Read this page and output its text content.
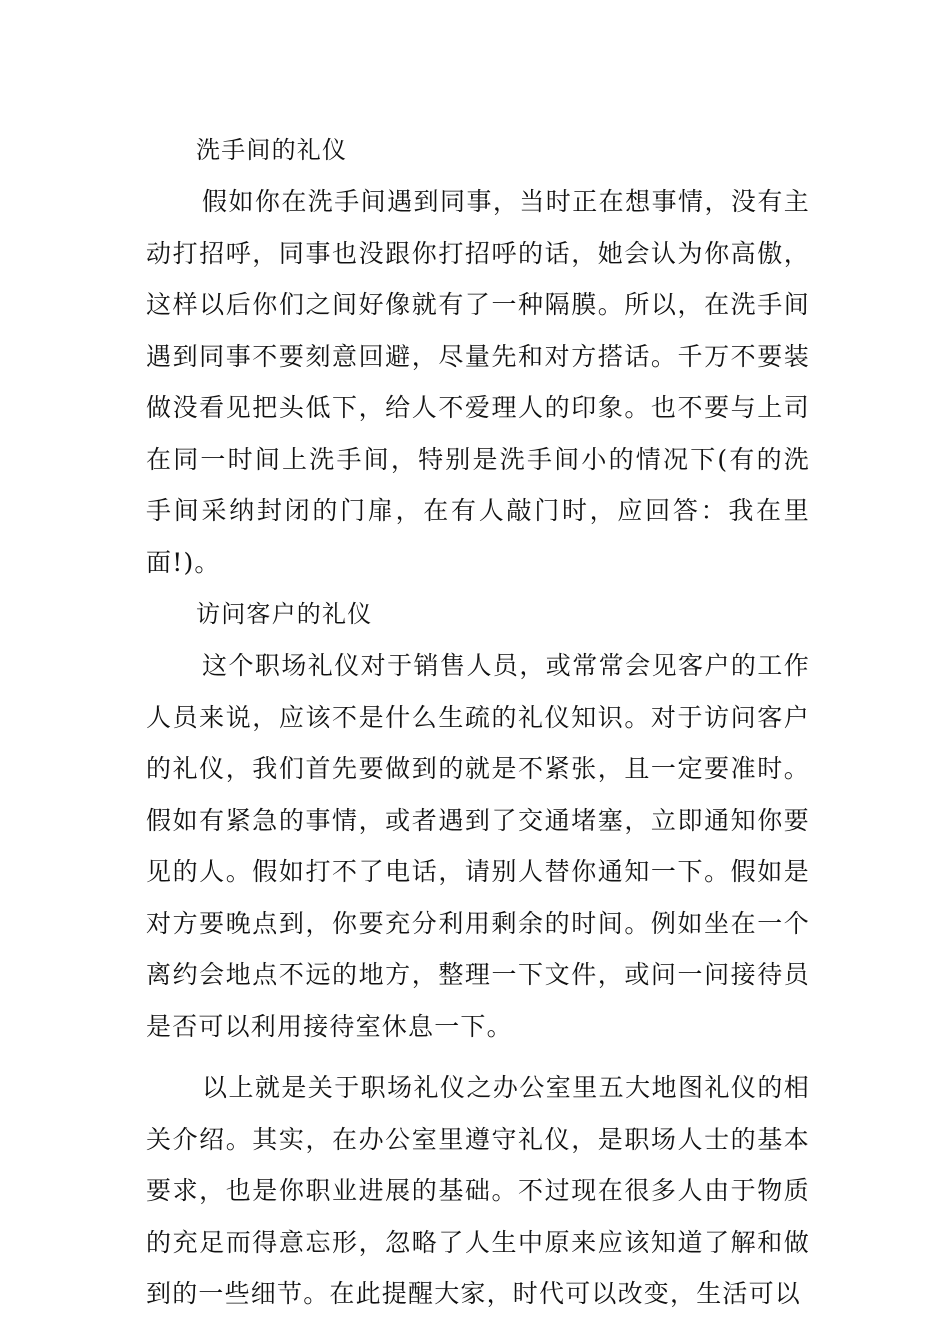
洗手间的礼仪

假如你在洗手间遇到同事，当时正在想事情，没有主动打招呼，同事也没跟你打招呼的话，她会认为你高傲，这样以后你们之间好像就有了一种隔膜。所以，在洗手间遇到同事不要刻意回避，尽量先和对方搭话。千万不要装做没看见把头低下，给人不爱理人的印象。也不要与上司在同一时间上洗手间，特别是洗手间小的情况下(有的洗手间采纳封闭的门扉，在有人敲门时，应回答：我在里面!)。

访问客户的礼仪

这个职场礼仪对于销售人员，或常常会见客户的工作人员来说，应该不是什么生疏的礼仪知识。对于访问客户的礼仪，我们首先要做到的就是不紧张，且一定要准时。假如有紧急的事情，或者遇到了交通堵塞，立即通知你要见的人。假如打不了电话，请别人替你通知一下。假如是对方要晚点到，你要充分利用剩余的时间。例如坐在一个离约会地点不远的地方，整理一下文件，或问一问接待员是否可以利用接待室休息一下。

以上就是关于职场礼仪之办公室里五大地图礼仪的相关介绍。其实，在办公室里遵守礼仪，是职场人士的基本要求，也是你职业进展的基础。不过现在很多人由于物质的充足而得意忘形，忽略了人生中原来应该知道了解和做到的一些细节。在此提醒大家，时代可以改变，生活可以
